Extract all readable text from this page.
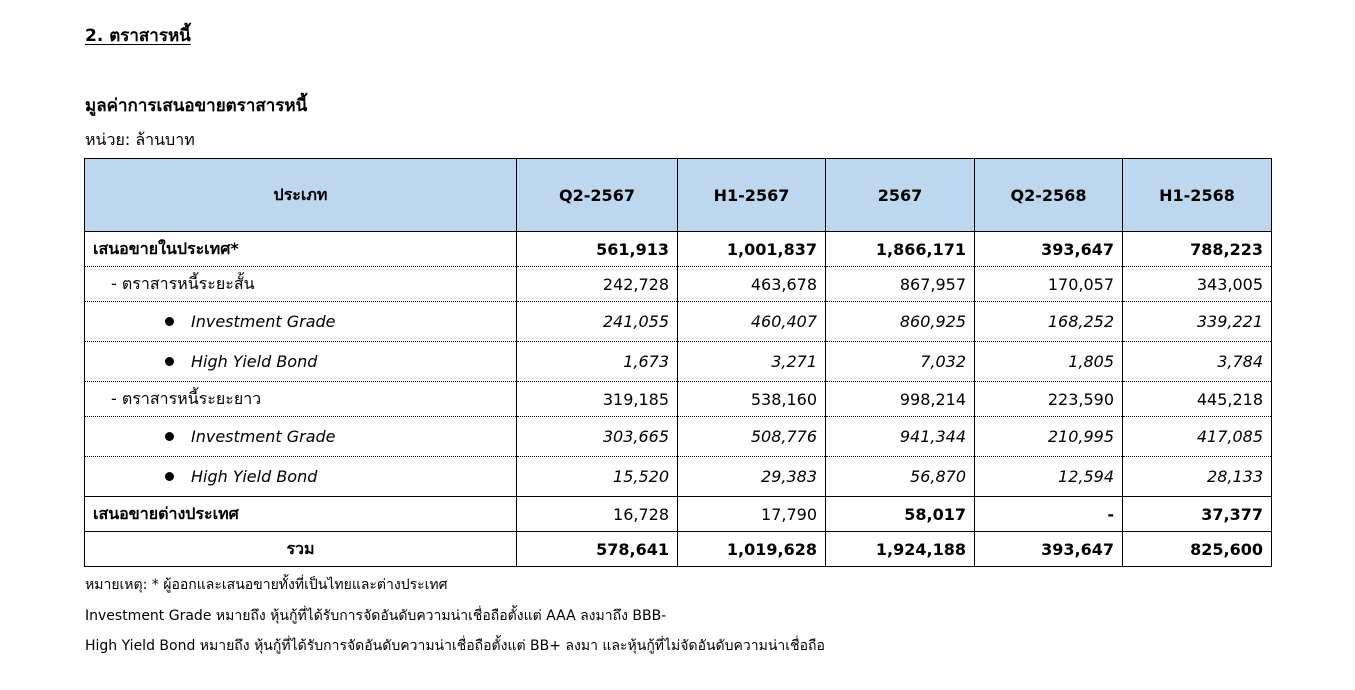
2. ตราสารหนี้
มูลค่าการเสนอขายตราสารหนี้
หน่วย: ล้านบาท
ประเภท	Q2-2567	H1-2567	2567	Q2-2568	H1-2568
เสนอขายในประเทศ*	561,913	1,001,837	1,866,171	393,647	788,223
- ตราสารหนี้ระยะสั้น	242,728	463,678	867,957	170,057	343,005
Investment Grade	241,055	460,407	860,925	168,252	339,221
High Yield Bond	1,673	3,271	7,032	1,805	3,784
- ตราสารหนี้ระยะยาว	319,185	538,160	998,214	223,590	445,218
Investment Grade	303,665	508,776	941,344	210,995	417,085
High Yield Bond	15,520	29,383	56,870	12,594	28,133
เสนอขายต่างประเทศ	16,728	17,790	58,017	-	37,377
รวม	578,641	1,019,628	1,924,188	393,647	825,600
หมายเหตุ: * ผู้ออกและเสนอขายทั้งที่เป็นไทยและต่างประเทศ
Investment Grade หมายถึง หุ้นกู้ที่ได้รับการจัดอันดับความน่าเชื่อถือตั้งแต่ AAA ลงมาถึง BBB-
High Yield Bond หมายถึง หุ้นกู้ที่ได้รับการจัดอันดับความน่าเชื่อถือตั้งแต่ BB+ ลงมา และหุ้นกู้ที่ไม่จัดอันดับความน่าเชื่อถือ
